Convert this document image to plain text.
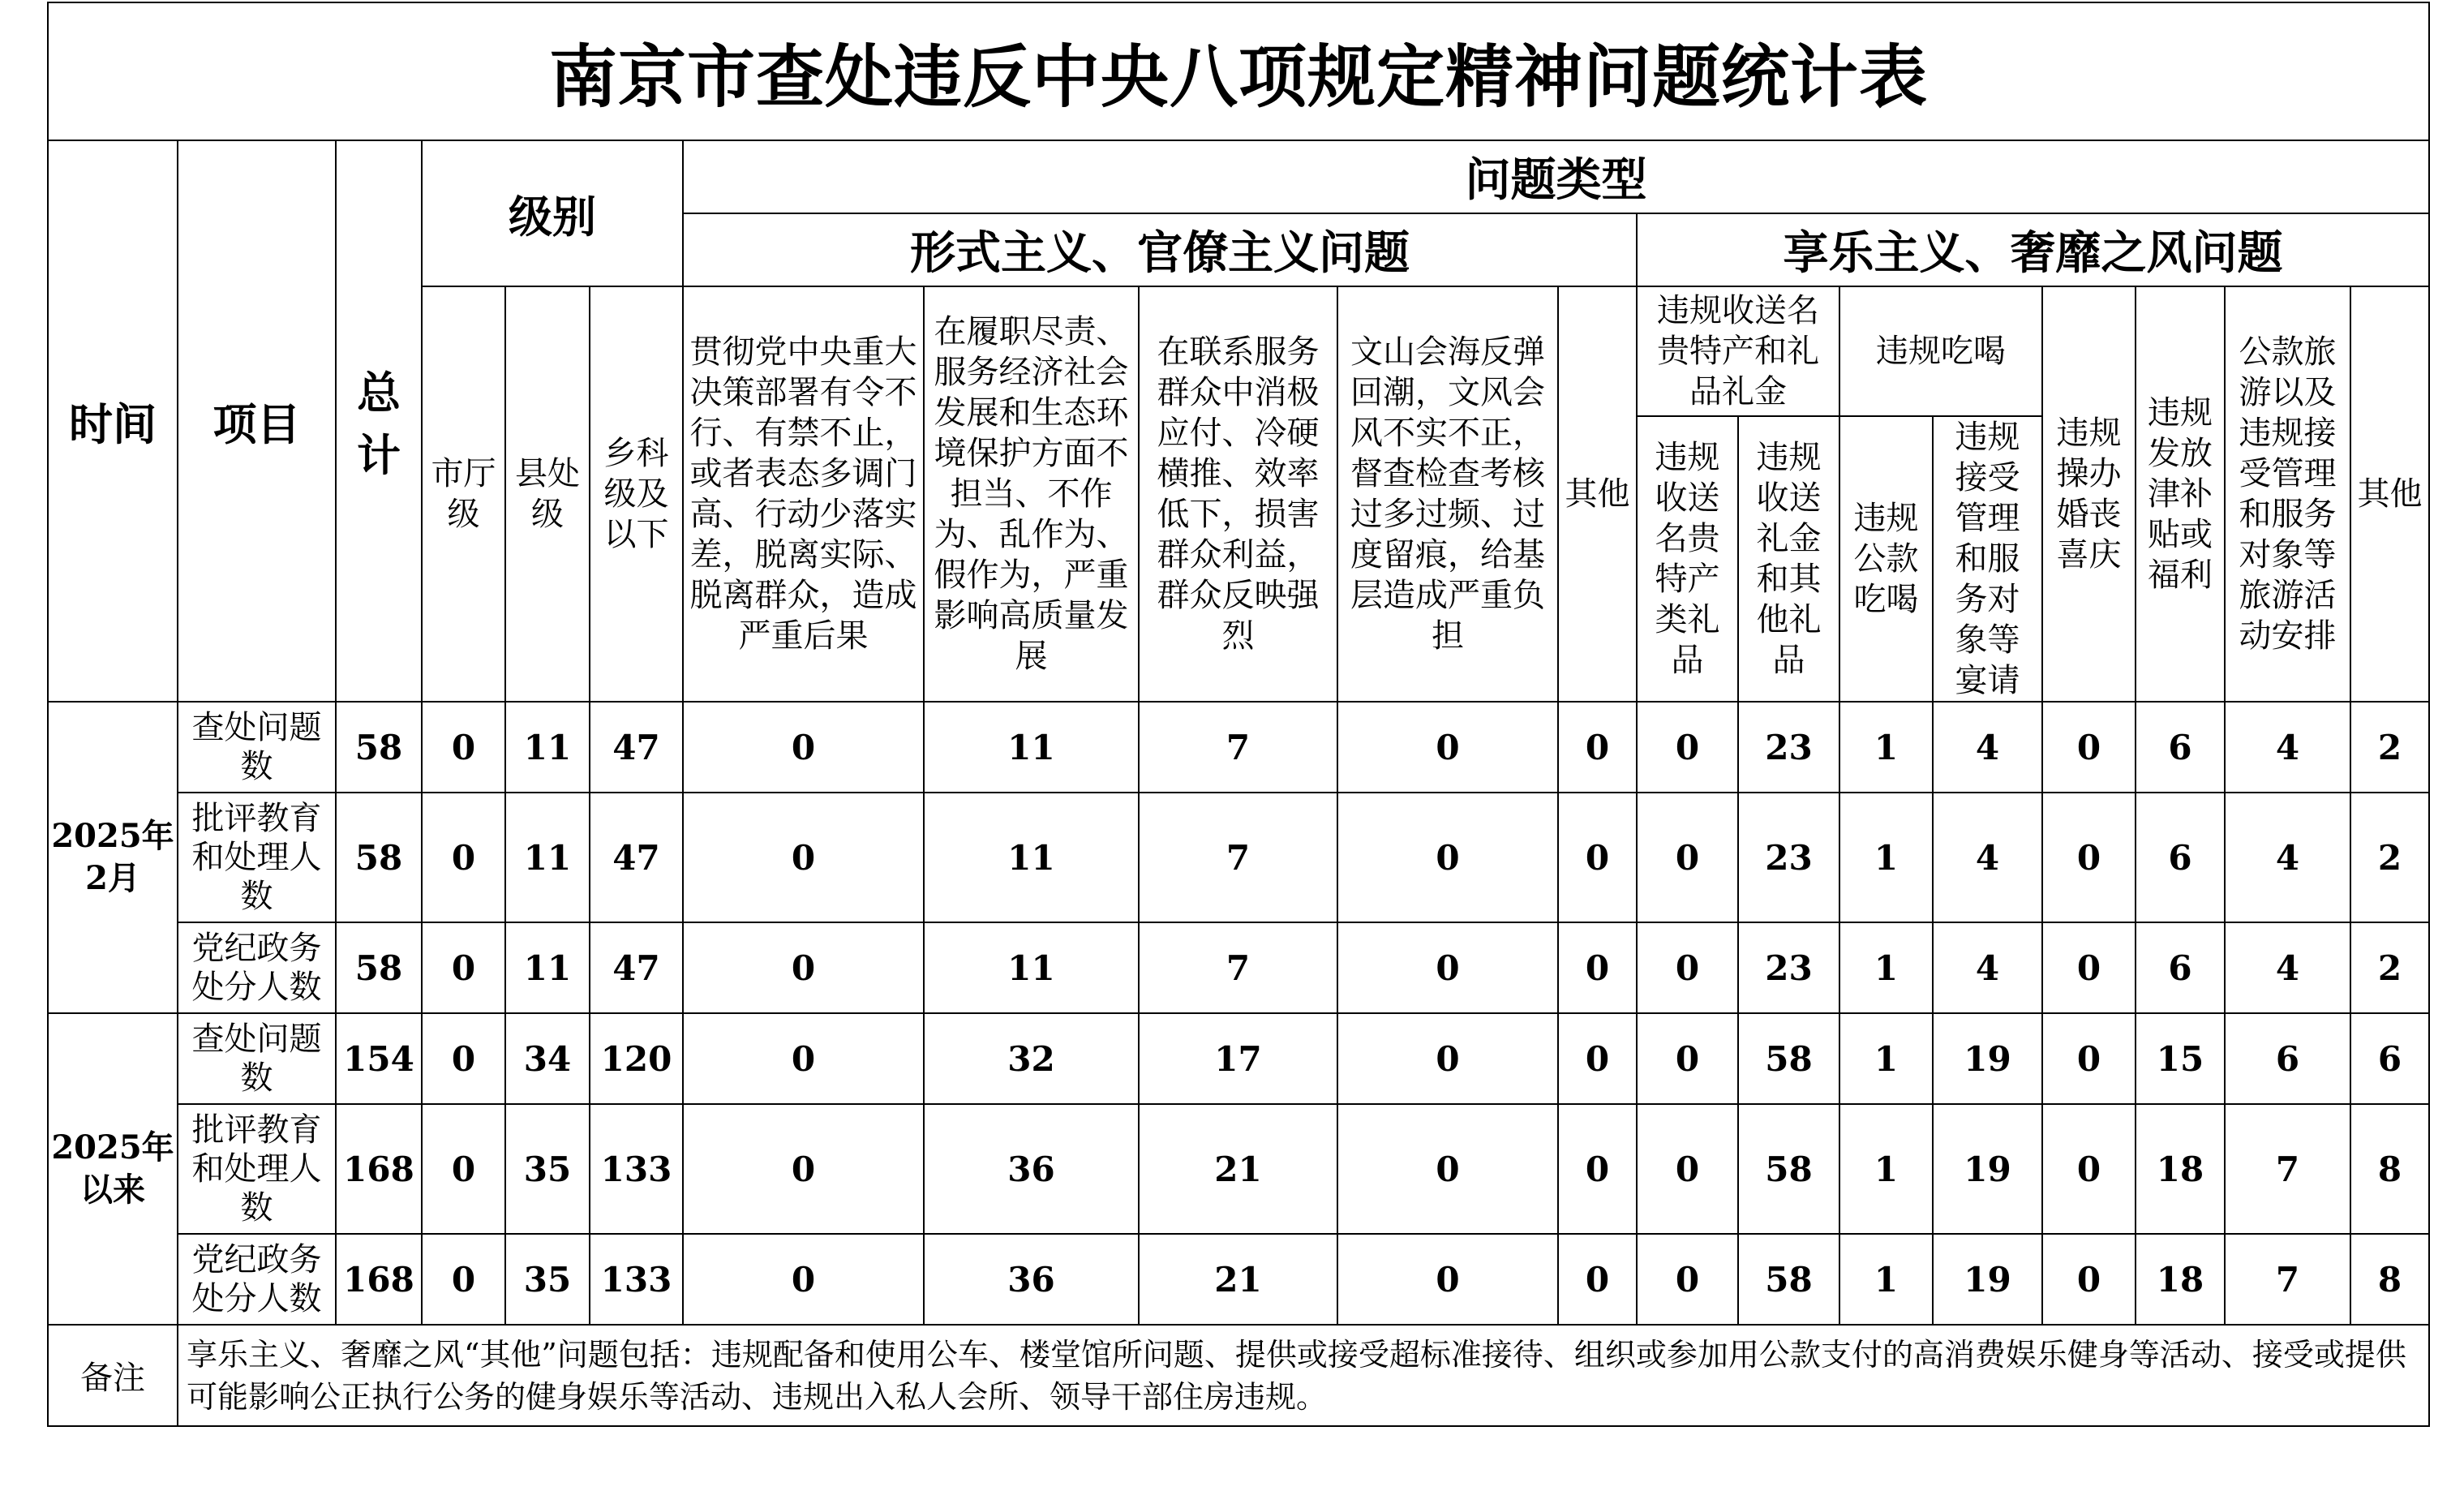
南京市查处违反中央八项规定精神问题统计表																		
时间	项目	总计	级别			问题类型												
						形式主义、官僚主义问题					享乐主义、奢靡之风问题							
			市厅级	县处级	乡科级及以下	贯彻党中央重大决策部署有令不行、有禁不止，或者表态多调门高、行动少落实差，脱离实际、脱离群众，造成严重后果	在履职尽责、服务经济社会发展和生态环境保护方面不担当、不作为、乱作为、假作为，严重影响高质量发展	在联系服务群众中消极应付、冷硬横推、效率低下，损害群众利益，群众反映强烈	文山会海反弹回潮，文风会风不实不正，督查检查考核过多过频、过度留痕，给基层造成严重负担	其他	违规收送名贵特产和礼品礼金		违规吃喝		违规操办婚丧喜庆	违规发放津补贴或福利	公款旅游以及违规接受管理和服务对象等旅游活动安排	其他
											违规收送名贵特产类礼品	违规收送礼金和其他礼品	违规公款吃喝	违规接受管理和服务对象等宴请				

2025年2月	查处问题数	58	0	11	47	0	11	7	0	0	0	23	1	4	0	6	4	2
	批评教育和处理人数	58	0	11	47	0	11	7	0	0	0	23	1	4	0	6	4	2
	党纪政务处分人数	58	0	11	47	0	11	7	0	0	0	23	1	4	0	6	4	2
2025年以来	查处问题数	154	0	34	120	0	32	17	0	0	0	58	1	19	0	15	6	6
	批评教育和处理人数	168	0	35	133	0	36	21	0	0	0	58	1	19	0	18	7	8
	党纪政务处分人数	168	0	35	133	0	36	21	0	0	0	58	1	19	0	18	7	8
备注	享乐主义、奢靡之风“其他”问题包括：违规配备和使用公车、楼堂馆所问题、提供或接受超标准接待、组织或参加用公款支付的高消费娱乐健身等活动、接受或提供可能影响公正执行公务的健身娱乐等活动、违规出入私人会所、领导干部住房违规。																	
